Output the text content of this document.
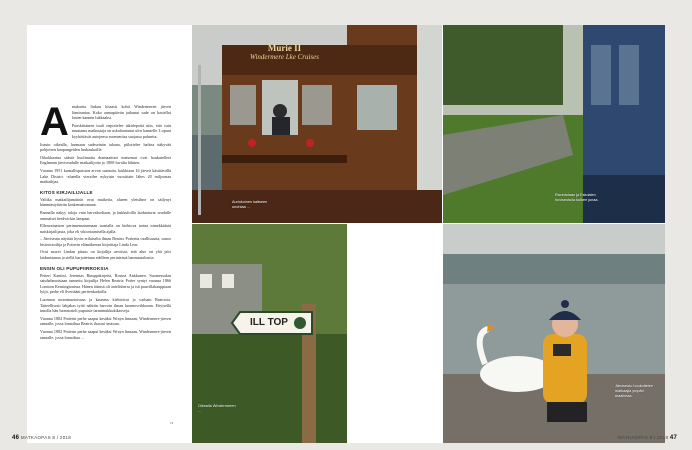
A ntakarita liukuu hitaasti kohti Windermeren järven länsirantaa. Koko aamupäivän jatkunut sade on kastellut lasten kannen lukkaaksi.

Puuskittainen tuuli riepottelee takirlepetiä niin, että vain muutama matkustaja on uskaltautunut ulos kannelle. Lopuut kyyhöttävät autojensa suomeniisa suojassa pahaeita.

Ioauin oikealla, harmaan sadeseinän takana, piilottelee haikea näkyvää pohjoisen kaupungeiden luukaukoille.

Oikokkaaina säästä huolimatta dramaattiset maisemat ovat houkutelleet Englannin järviseudulle matkailijoita jo 1800-luvulta lähtien.

Vuonna 1951 kansallispuiston arvon saanutta, kaikkiaan 16 järveä käsittävällä Lake District -alueella vierailee nykyisin vuosittain lähes 20 miljoonaa matkailijaa.

KITOS KIRJAILIJALLE

Valtika matkailijamäärät ovat muikeita, alueen yleisilme on säilynyt hämmästyttävän koskemattomana.

Rannalla näkyy taloja vain harvakseltaan, ja kukkuloilla laiduntavat seudulle ominaiset herdwickin lampaat.

Ellenvainaisen perinnemaisemaan taustalla on kiehtova tarina nimekkäästä naiskirjailijasta, joka eli viktoriaanisella ajalla.

– Järviseutu näyttää hyvin erilaiselta ilman Beatrix Pottertia osallisuutta, sanoo historiotoilija ja Potterin elämäkerran kirjoittaja Linda Lear.

Ovat suuret Lindan pituus on kirjailija arvoista, että alue on yhä jalrt laiduntaanaa ja siellä harjoitetaan edelleen perinteistä lammastaloutta.

ENSIN OLI PUPUPIIRROKSIA

Petteri Kaniini, Jeremias Rimppakirjeitä, Rosina Ankkanen. Suomessakin satuhahmoistaan tunnettu kirjailija Helen Beatrix Potter syntyi vuonna 1866 Lontoon Kensingtonissa. Hänen äitinsä oli aatelisherra ja isä puuvillakauppiaan lyijit, perhe eli ilvertäänt pertienkudoilla.

Luonnon monimuotoisuus ja kauneus kiehtoivat jo varhain Beatrixia. Taiteellisesti lahjakas tyttö nähtiin harvoin ilman luonnosvihkoaan. Ettyisellä innolla hän luonnosteli pupuiste tarmimukkukikasveja.

Vuonna 1882 Potterin perhe saapui kesäksi Wrayn linnaan, Windermere-järven rannalle, jossa lomailtua Beatrix ihastui seutuun.

Vuonna 1882 Potterin perhe saapui kesäksi Wrayn linnaan, Windermere-järven rannalle, jossa lomailtua ...

››
Murie II
Windermere Lke Cruises
Aurinkoinen kaitseen unohtaa ...
ILL TOP
Oikealla Windermeren ...
Ravintolaan ja Eskdalen huviseutulla kulkee junaa.
Järviseutu houkuttelee matkaajia ympäri maailmaa.
46 MATKAOPAS 8 / 2018	MATKAOPAS 8 / 2018 47
